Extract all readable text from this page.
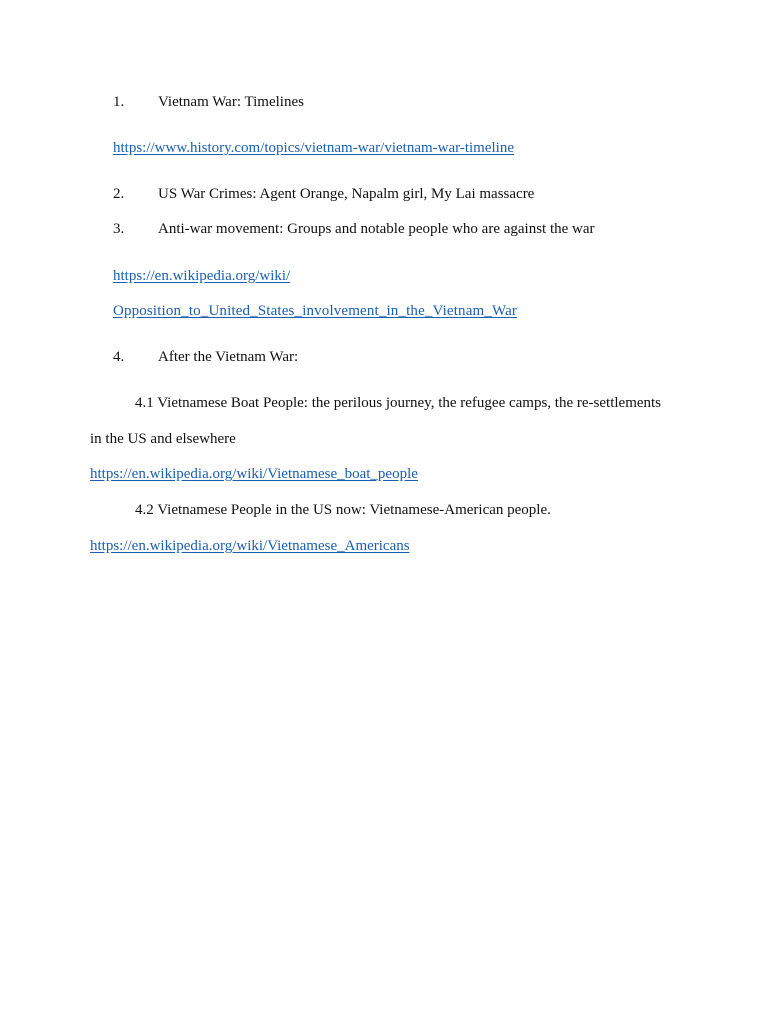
1. Vietnam War: Timelines
https://www.history.com/topics/vietnam-war/vietnam-war-timeline
2. US War Crimes: Agent Orange, Napalm girl, My Lai massacre
3. Anti-war movement: Groups and notable people who are against the war
https://en.wikipedia.org/wiki/
Opposition_to_United_States_involvement_in_the_Vietnam_War
4. After the Vietnam War:
4.1 Vietnamese Boat People: the perilous journey, the refugee camps, the re-settlements
in the US and elsewhere
https://en.wikipedia.org/wiki/Vietnamese_boat_people
4.2 Vietnamese People in the US now: Vietnamese-American people.
https://en.wikipedia.org/wiki/Vietnamese_Americans
